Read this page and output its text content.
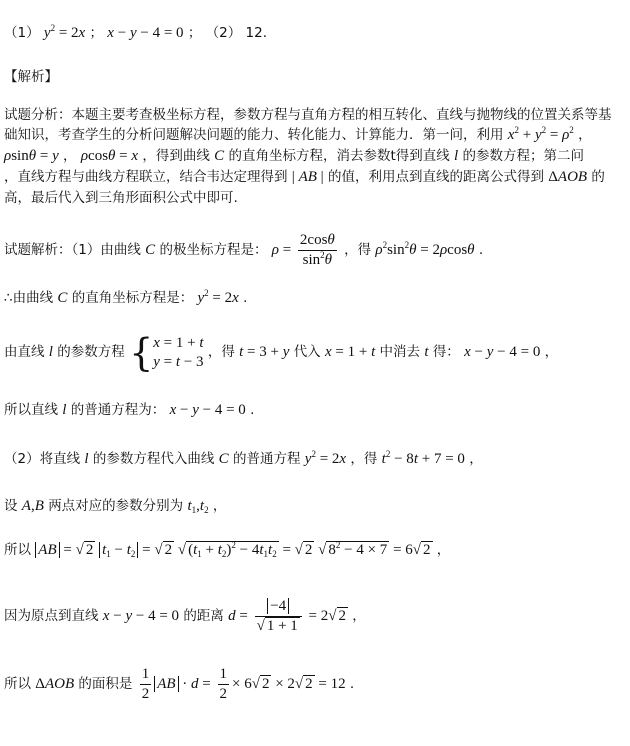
（1） $y^2 = 2x$ ； x − y − 4 = 0 ； （2） 12.
【解析】
试题分析：本题主要考查极坐标方程，参数方程与直角方程的相互转化、直线与抛物线的位置关系等基
础知识，考查学生的分析问题解决问题的能力、转化能力、计算能力．第一问，利用 $x^2 + y^2 = \rho^2$ ，
ρsinθ = y ， ρcosθ = x ，得到曲线 C 的直角坐标方程，消去参数t得到直线 l 的参数方程；第二问
，直线方程与曲线方程联立，结合韦达定理得到 | AB | 的值，利用点到直线的距离公式得到 ΔAOB 的
高，最后代入到三角形面积公式中即可.
试题解析：（1）由曲线 C 的极坐标方程是： $\rho = \frac{2\cos\theta}{\sin^2\theta}$ ，得 $\rho^2\sin^2\theta = 2\rho\cos\theta$ .
∴由曲线 C 的直角坐标方程是： $y^2 = 2x$ .
由直线 l 的参数方程 { x = 1 + t
y = t − 3
，得 t = 3 + y 代入 x = 1 + t 中消去 t 得： x − y − 4 = 0 ，
所以直线 l 的普通方程为： x − y − 4 = 0 .
（2）将直线 l 的参数方程代入曲线 C 的普通方程 $y^2 = 2x$ ，得 $t^2 - 8t + 7 = 0$ ，
设 A,B 两点对应的参数分别为 $t_1,t_2$ ，
所以 AB = √ 2 $t_1 - t_2$ = √ 2 √ $(t_1 + t_2)^2 - 4t_1t_2$ = √ 2 √ $8^2 - 4 \times 7 = 6√$ 2 ，
因为原点到直线 x − y − 4 = 0 的距离 $d = \frac{-4}{√ 1 + 1} = 2√$ 2 ，
所以 ΔAOB 的面积是 $\frac{1}{2}$ AB · $d = \frac{1}{2} \times 6√$ 2 × 2√ 2 = 12 .
